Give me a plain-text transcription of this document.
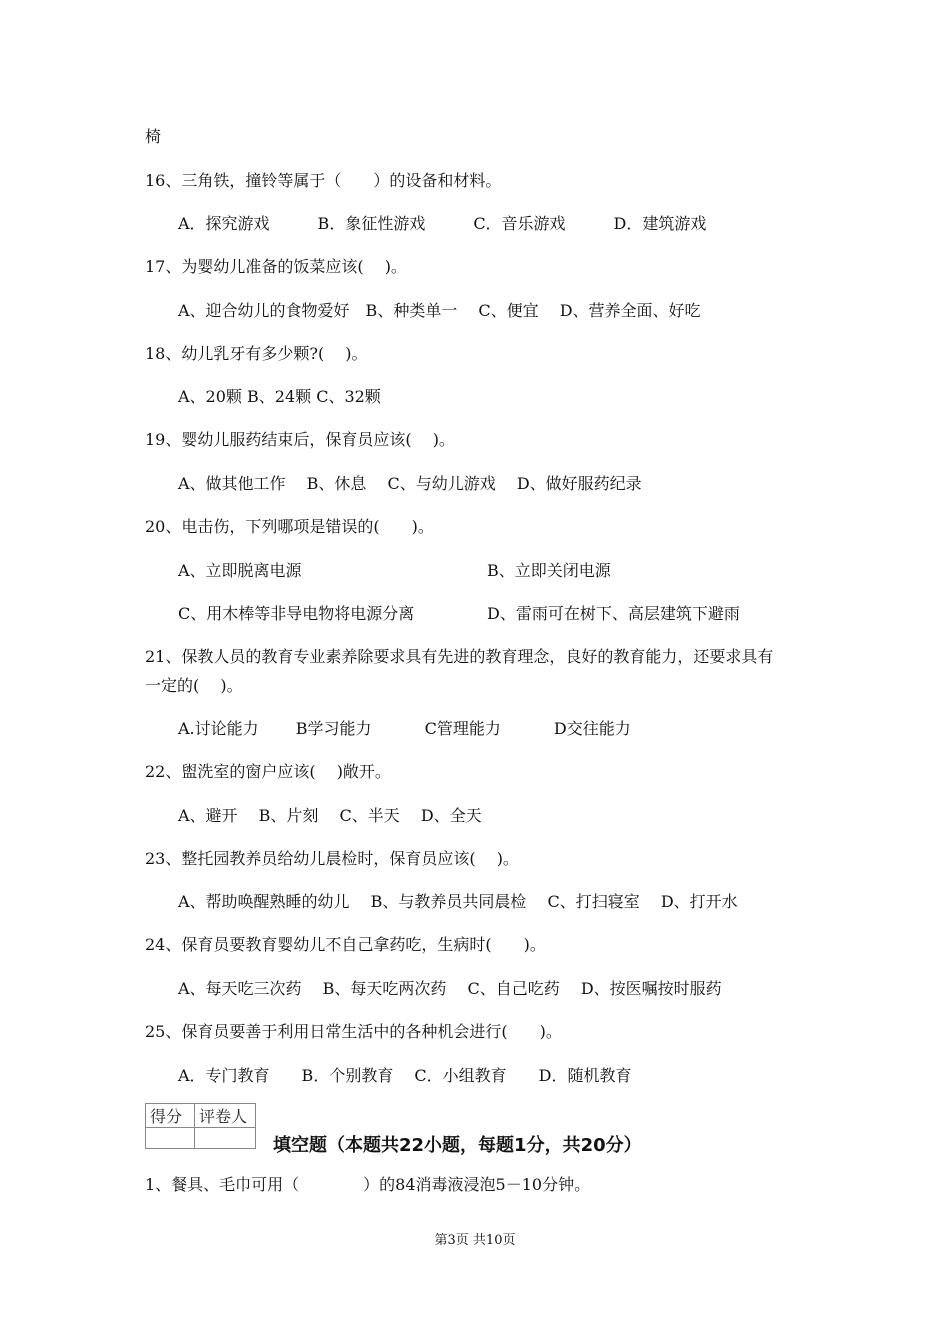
椅
16、三角铁，撞铃等属于（　　）的设备和材料。
A．探究游戏　　　B．象征性游戏　　　C．音乐游戏　　　D．建筑游戏
17、为婴幼儿准备的饭菜应该(　 )。
A、迎合幼儿的食物爱好　B、种类单一　 C、便宜　 D、营养全面、好吃
18、幼儿乳牙有多少颗?(　 )。
A、20颗 B、24颗 C、32颗
19、婴幼儿服药结束后，保育员应该(　 )。
A、做其他工作　 B、休息　 C、与幼儿游戏　 D、做好服药纪录
20、电击伤，下列哪项是错误的(　　)。
A、立即脱离电源	B、立即关闭电源
C、用木棒等非导电物将电源分离	D、雷雨可在树下、高层建筑下避雨
21、保教人员的教育专业素养除要求具有先进的教育理念，良好的教育能力，还要求具有
一定的(　 )。
A.讨论能力　　 B学习能力　　　 C管理能力　　　 D交往能力
22、盥洗室的窗户应该(　 )敞开。
A、避开　 B、片刻　 C、半天　 D、全天
23、整托园教养员给幼儿晨检时，保育员应该(　 )。
A、帮助唤醒熟睡的幼儿　 B、与教养员共同晨检　 C、打扫寝室　 D、打开水
24、保育员要教育婴幼儿不自己拿药吃，生病时(　　)。
A、每天吃三次药　 B、每天吃两次药　 C、自己吃药　 D、按医嘱按时服药
25、保育员要善于利用日常生活中的各种机会进行(　　)。
A．专门教育　　B．个别教育　 C．小组教育　　D．随机教育
得分	评卷人

填空题（本题共22小题，每题1分，共20分）
1、餐具、毛巾可用（　　　　）的84消毒液浸泡5－10分钟。
第3页 共10页
